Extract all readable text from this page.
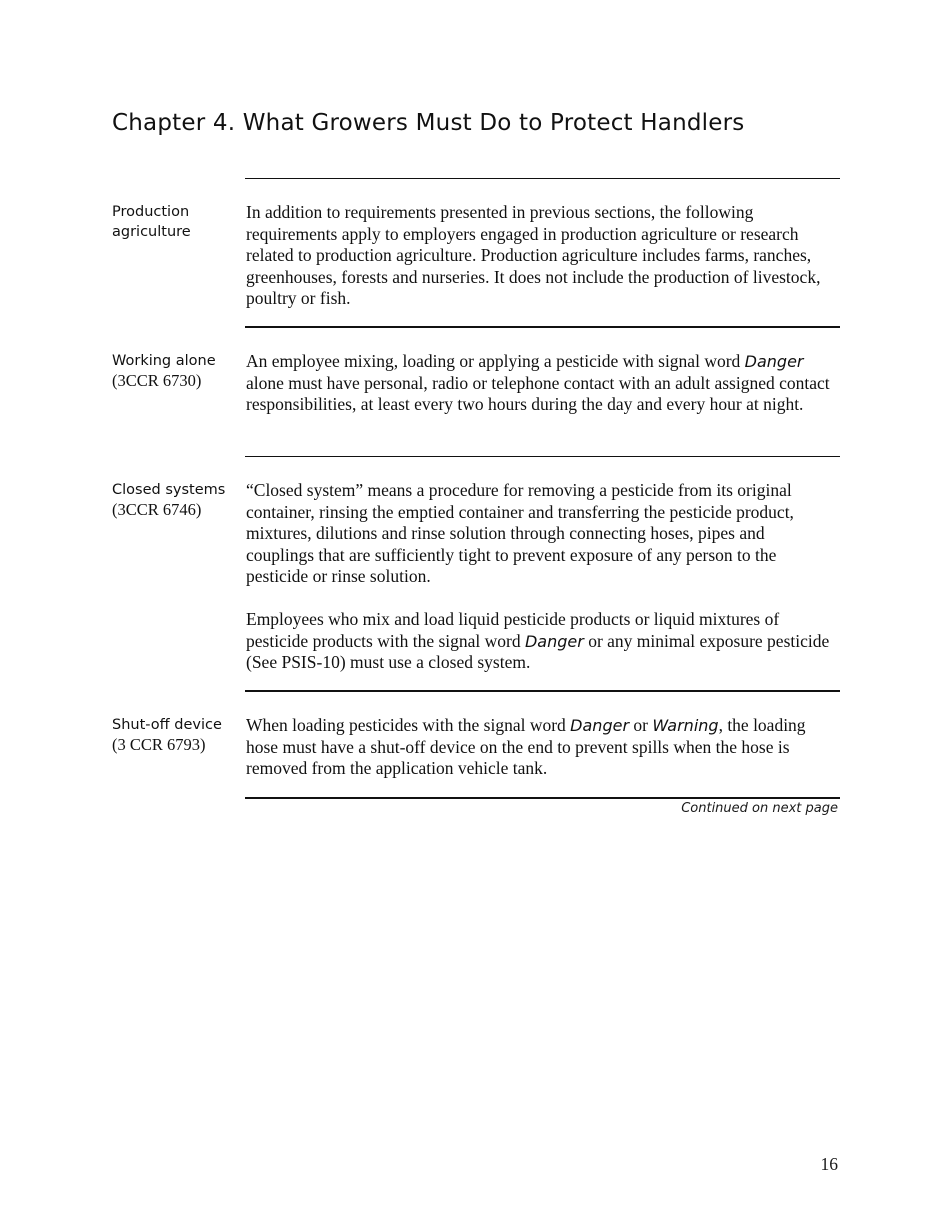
Chapter 4. What Growers Must Do to Protect Handlers
Production agriculture

In addition to requirements presented in previous sections, the following requirements apply to employers engaged in production agriculture or research related to production agriculture. Production agriculture includes farms, ranches, greenhouses, forests and nurseries. It does not include the production of livestock, poultry or fish.

Working alone
(3CCR 6730)

An employee mixing, loading or applying a pesticide with signal word Danger alone must have personal, radio or telephone contact with an adult assigned contact responsibilities, at least every two hours during the day and every hour at night.

Closed systems
(3CCR 6746)

“Closed system” means a procedure for removing a pesticide from its original container, rinsing the emptied container and transferring the pesticide product, mixtures, dilutions and rinse solution through connecting hoses, pipes and couplings that are sufficiently tight to prevent exposure of any person to the pesticide or rinse solution.

Employees who mix and load liquid pesticide products or liquid mixtures of pesticide products with the signal word Danger or any minimal exposure pesticide (See PSIS-10) must use a closed system.

Shut-off device
(3 CCR 6793)

When loading pesticides with the signal word Danger or Warning, the loading hose must have a shut-off device on the end to prevent spills when the hose is removed from the application vehicle tank.

Continued on next page
16
